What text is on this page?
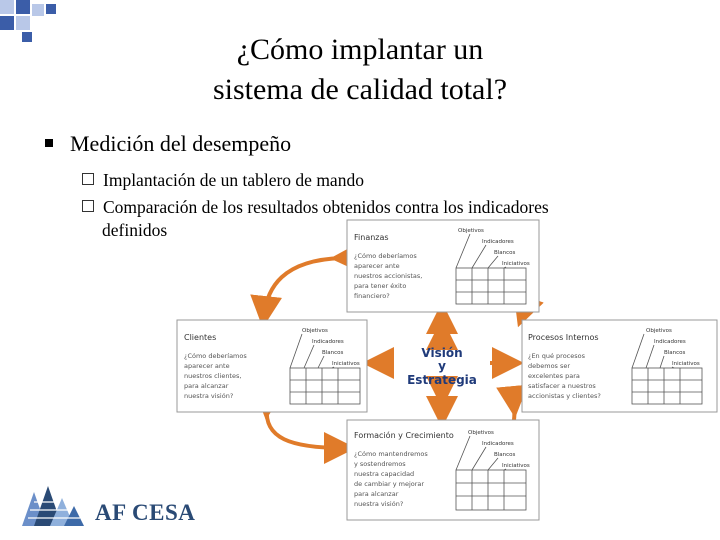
¿Cómo implantar un
sistema de calidad total?
Medición del desempeño
Implantación de un tablero de mando
Comparación de los resultados obtenidos contra los indicadores
definidos
Visión
y
Estrategia
Finanzas
¿Cómo deberíamos
aparecer ante
nuestros accionistas,
para tener éxito
financiero?
Objetivos
Indicadores
Blancos
Iniciativos
Clientes
¿Cómo deberíamos
aparecer ante
nuestros clientes,
para alcanzar
nuestra visión?
Objetivos
Indicadores
Blancos
Iniciativos
Procesos Internos
¿En qué procesos
debemos ser
excelentes para
satisfacer a nuestros
accionistas y clientes?
Formación y Crecimiento
¿Cómo mantendremos
y sostendremos
nuestra capacidad
de cambiar y mejorar
para alcanzar
nuestra visión?
Objetivos
Indicadores
Blancos
Iniciativos
Objetivos
Indicadores
Blancos
Iniciativos
AF CESA
